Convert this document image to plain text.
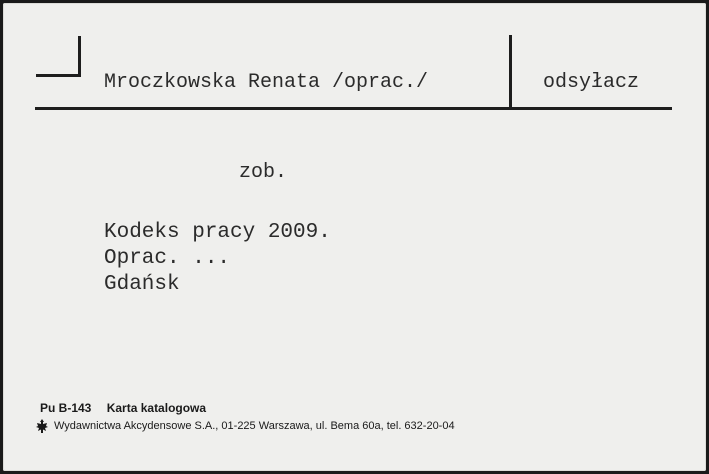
Mroczkowska Renata /oprac./	odsyłacz
zob.
Kodeks pracy 2009.
Oprac. ...
Gdańsk
Pu B-143 Karta katalogowa
Wydawnictwa Akcydensowe S.A., 01-225 Warszawa, ul. Bema 60a, tel. 632-20-04
